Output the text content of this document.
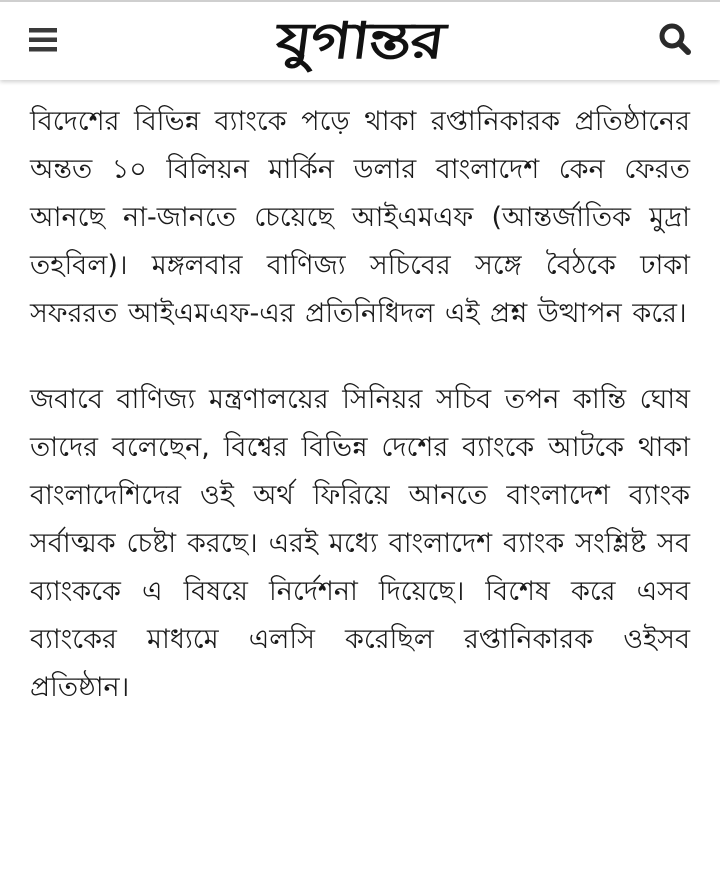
যুগান্তর

বিদেশের বিভিন্ন ব্যাংকে পড়ে থাকা রপ্তানিকারক প্রতিষ্ঠানের অন্তত ১০ বিলিয়ন মার্কিন ডলার বাংলাদেশ কেন ফেরত আনছে না-জানতে চেয়েছে আইএমএফ (আন্তর্জাতিক মুদ্রা তহবিল)। মঙ্গলবার বাণিজ্য সচিবের সঙ্গে বৈঠকে ঢাকা সফররত আইএমএফ-এর প্রতিনিধিদল এই প্রশ্ন উত্থাপন করে।

জবাবে বাণিজ্য মন্ত্রণালয়ের সিনিয়র সচিব তপন কান্তি ঘোষ তাদের বলেছেন, বিশ্বের বিভিন্ন দেশের ব্যাংকে আটকে থাকা বাংলাদেশিদের ওই অর্থ ফিরিয়ে আনতে বাংলাদেশ ব্যাংক সর্বাত্মক চেষ্টা করছে। এরই মধ্যে বাংলাদেশ ব্যাংক সংশ্লিষ্ট সব ব্যাংককে এ বিষয়ে নির্দেশনা দিয়েছে। বিশেষ করে এসব ব্যাংকের মাধ্যমে এলসি করেছিল রপ্তানিকারক ওইসব প্রতিষ্ঠান।
